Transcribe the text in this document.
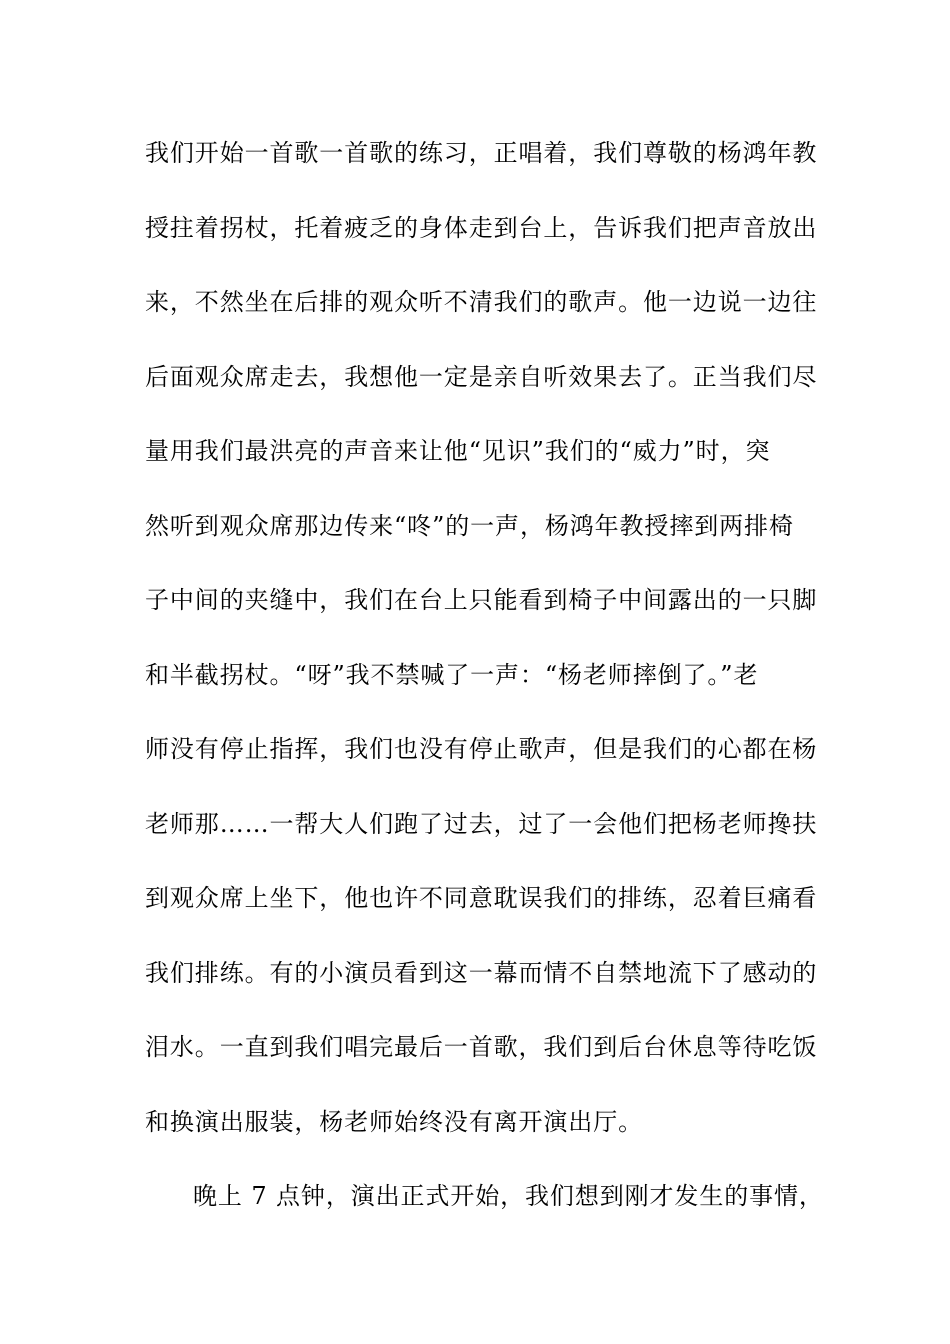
我们开始一首歌一首歌的练习，正唱着，我们尊敬的杨鸿年教
授拄着拐杖，托着疲乏的身体走到台上，告诉我们把声音放出
来，不然坐在后排的观众听不清我们的歌声。他一边说一边往
后面观众席走去，我想他一定是亲自听效果去了。正当我们尽
量用我们最洪亮的声音来让他“见识”我们的“威力”时，突
然听到观众席那边传来“咚”的一声，杨鸿年教授摔到两排椅
子中间的夹缝中，我们在台上只能看到椅子中间露出的一只脚
和半截拐杖。“呀”我不禁喊了一声：“杨老师摔倒了。”老
师没有停止指挥，我们也没有停止歌声，但是我们的心都在杨
老师那……一帮大人们跑了过去，过了一会他们把杨老师搀扶
到观众席上坐下，他也许不同意耽误我们的排练，忍着巨痛看
我们排练。有的小演员看到这一幕而情不自禁地流下了感动的
泪水。一直到我们唱完最后一首歌，我们到后台休息等待吃饭
和换演出服装，杨老师始终没有离开演出厅。
晚上 7 点钟，演出正式开始，我们想到刚才发生的事情，
